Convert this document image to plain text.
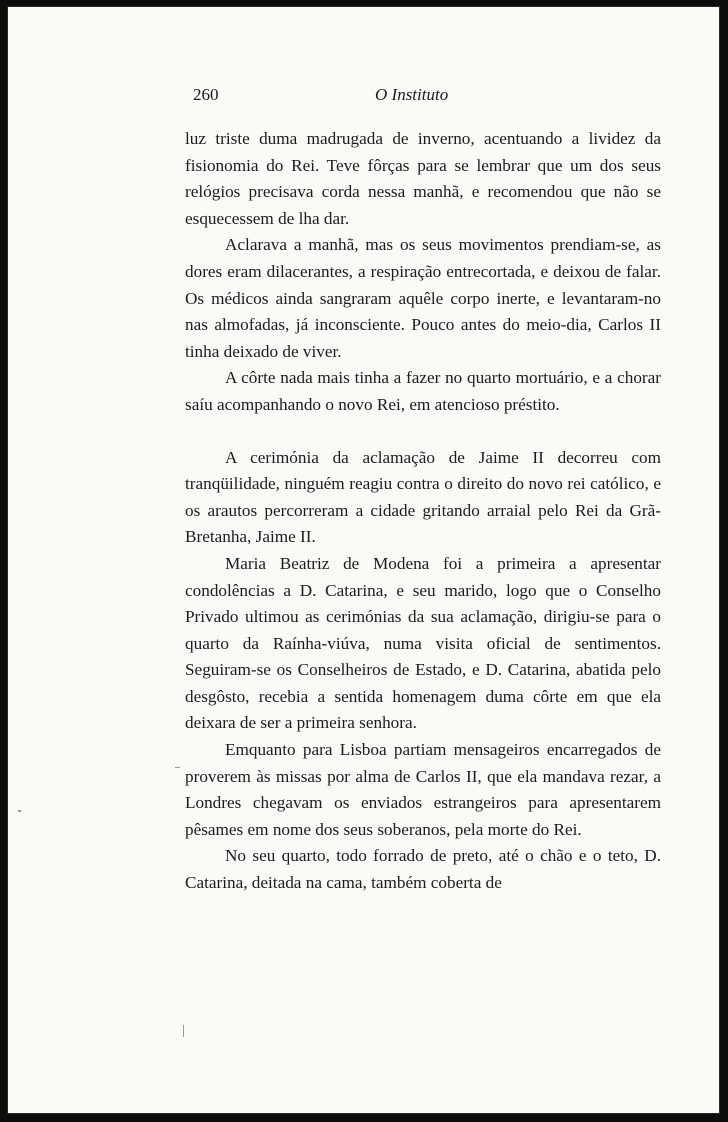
260	O Instituto

luz triste duma madrugada de inverno, acentuando a lividez da fisionomia do Rei. Teve fôrças para se lembrar que um dos seus relógios precisava corda nessa manhã, e recomendou que não se esquecessem de lha dar.

Aclarava a manhã, mas os seus movimentos prendiam-se, as dores eram dilacerantes, a respiração entrecortada, e deixou de falar. Os médicos ainda sangraram aquêle corpo inerte, e levantaram-no nas almofadas, já inconsciente. Pouco antes do meio-dia, Carlos II tinha deixado de viver.

A côrte nada mais tinha a fazer no quarto mortuário, e a chorar saíu acompanhando o novo Rei, em atencioso préstito.

A cerimónia da aclamação de Jaime II decorreu com tranqüilidade, ninguém reagiu contra o direito do novo rei católico, e os arautos percorreram a cidade gritando arraial pelo Rei da Grã-Bretanha, Jaime II.

Maria Beatriz de Modena foi a primeira a apresentar condolências a D. Catarina, e seu marido, logo que o Conselho Privado ultimou as cerimónias da sua aclamação, dirigiu-se para o quarto da Raínha-viúva, numa visita oficial de sentimentos. Seguiram-se os Conselheiros de Estado, e D. Catarina, abatida pelo desgôsto, recebia a sentida homenagem duma côrte em que ela deixara de ser a primeira senhora.

Emquanto para Lisboa partiam mensageiros encarregados de proverem às missas por alma de Carlos II, que ela mandava rezar, a Londres chegavam os enviados estrangeiros para apresentarem pêsames em nome dos seus soberanos, pela morte do Rei.

No seu quarto, todo forrado de preto, até o chão e o teto, D. Catarina, deitada na cama, também coberta de
